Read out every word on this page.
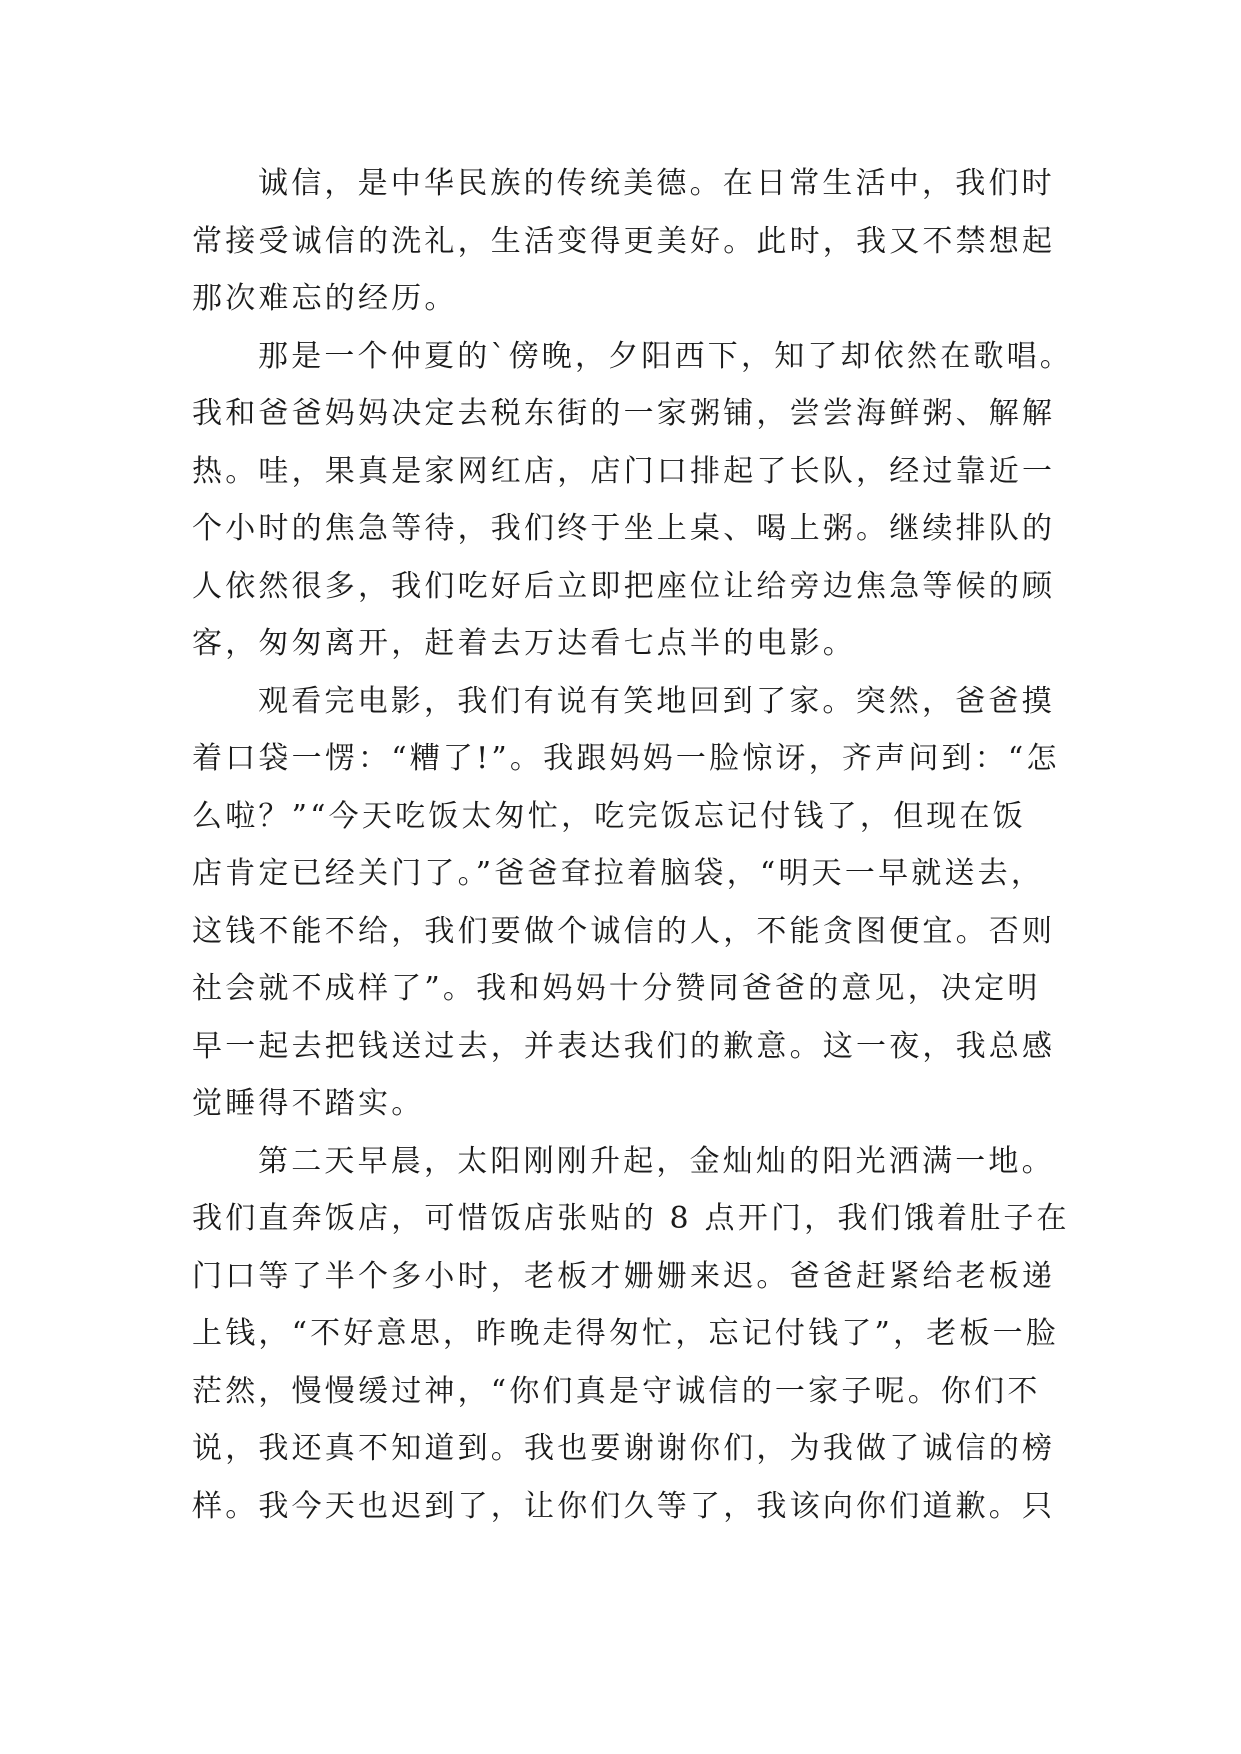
诚信，是中华民族的传统美德。在日常生活中，我们时
常接受诚信的洗礼，生活变得更美好。此时，我又不禁想起
那次难忘的经历。
那是一个仲夏的`傍晚，夕阳西下，知了却依然在歌唱。
我和爸爸妈妈决定去税东街的一家粥铺，尝尝海鲜粥、解解
热。哇，果真是家网红店，店门口排起了长队，经过靠近一
个小时的焦急等待，我们终于坐上桌、喝上粥。继续排队的
人依然很多，我们吃好后立即把座位让给旁边焦急等候的顾
客，匆匆离开，赶着去万达看七点半的电影。
观看完电影，我们有说有笑地回到了家。突然，爸爸摸
着口袋一愣：“糟了!”。我跟妈妈一脸惊讶，齐声问到：“怎
么啦？”“今天吃饭太匆忙，吃完饭忘记付钱了，但现在饭
店肯定已经关门了。”爸爸耷拉着脑袋，“明天一早就送去，
这钱不能不给，我们要做个诚信的人，不能贪图便宜。否则
社会就不成样了”。我和妈妈十分赞同爸爸的意见，决定明
早一起去把钱送过去，并表达我们的歉意。这一夜，我总感
觉睡得不踏实。
第二天早晨，太阳刚刚升起，金灿灿的阳光洒满一地。
我们直奔饭店，可惜饭店张贴的 8 点开门，我们饿着肚子在
门口等了半个多小时，老板才姗姗来迟。爸爸赶紧给老板递
上钱，“不好意思，昨晚走得匆忙，忘记付钱了”，老板一脸
茫然，慢慢缓过神，“你们真是守诚信的一家子呢。你们不
说，我还真不知道到。我也要谢谢你们，为我做了诚信的榜
样。我今天也迟到了，让你们久等了，我该向你们道歉。只
